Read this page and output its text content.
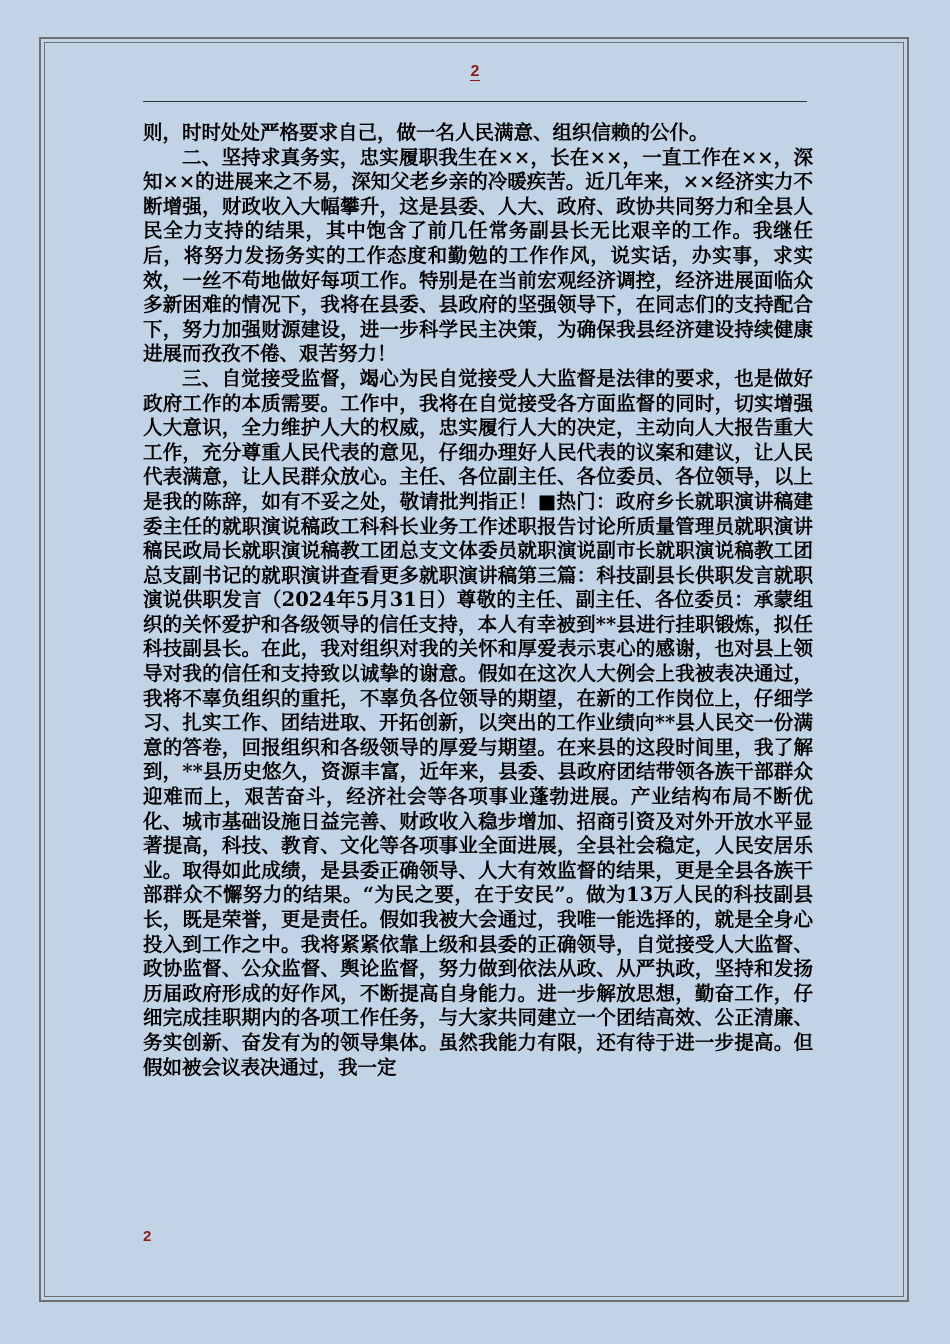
2

则，时时处处严格要求自己，做一名人民满意、组织信赖的公仆。

二、坚持求真务实，忠实履职我生在××，长在××，一直工作在××，深知××的进展来之不易，深知父老乡亲的冷暖疾苦。近几年来，××经济实力不断增强，财政收入大幅攀升，这是县委、人大、政府、政协共同努力和全县人民全力支持的结果，其中饱含了前几任常务副县长无比艰辛的工作。我继任后，将努力发扬务实的工作态度和勤勉的工作作风，说实话，办实事，求实效，一丝不苟地做好每项工作。特别是在当前宏观经济调控，经济进展面临众多新困难的情况下，我将在县委、县政府的坚强领导下，在同志们的支持配合下，努力加强财源建设，进一步科学民主决策，为确保我县经济建设持续健康进展而孜孜不倦、艰苦努力！

三、自觉接受监督，竭心为民自觉接受人大监督是法律的要求，也是做好政府工作的本质需要。工作中，我将在自觉接受各方面监督的同时，切实增强人大意识，全力维护人大的权威，忠实履行人大的决定，主动向人大报告重大工作，充分尊重人民代表的意见，仔细办理好人民代表的议案和建议，让人民代表满意，让人民群众放心。主任、各位副主任、各位委员、各位领导，以上是我的陈辞，如有不妥之处，敬请批判指正！■热门：政府乡长就职演讲稿建委主任的就职演说稿政工科科长业务工作述职报告讨论所质量管理员就职演讲稿民政局长就职演说稿教工团总支文体委员就职演说副市长就职演说稿教工团总支副书记的就职演讲查看更多就职演讲稿第三篇：科技副县长供职发言就职演说供职发言（2024年5月31日）尊敬的主任、副主任、各位委员：承蒙组织的关怀爱护和各级领导的信任支持，本人有幸被到**县进行挂职锻炼，拟任科技副县长。在此，我对组织对我的关怀和厚爱表示衷心的感谢，也对县上领导对我的信任和支持致以诚挚的谢意。假如在这次人大例会上我被表决通过，我将不辜负组织的重托，不辜负各位领导的期望，在新的工作岗位上，仔细学习、扎实工作、团结进取、开拓创新，以突出的工作业绩向**县人民交一份满意的答卷，回报组织和各级领导的厚爱与期望。在来县的这段时间里，我了解到，**县历史悠久，资源丰富，近年来，县委、县政府团结带领各族干部群众迎难而上，艰苦奋斗，经济社会等各项事业蓬勃进展。产业结构布局不断优化、城市基础设施日益完善、财政收入稳步增加、招商引资及对外开放水平显著提高，科技、教育、文化等各项事业全面进展，全县社会稳定，人民安居乐业。取得如此成绩，是县委正确领导、人大有效监督的结果，更是全县各族干部群众不懈努力的结果。“为民之要，在于安民”。做为13万人民的科技副县长，既是荣誉，更是责任。假如我被大会通过，我唯一能选择的，就是全身心投入到工作之中。我将紧紧依靠上级和县委的正确领导，自觉接受人大监督、政协监督、公众监督、舆论监督，努力做到依法从政、从严执政，坚持和发扬历届政府形成的好作风，不断提高自身能力。进一步解放思想，勤奋工作，仔细完成挂职期内的各项工作任务，与大家共同建立一个团结高效、公正清廉、务实创新、奋发有为的领导集体。虽然我能力有限，还有待于进一步提高。但假如被会议表决通过，我一定

2
